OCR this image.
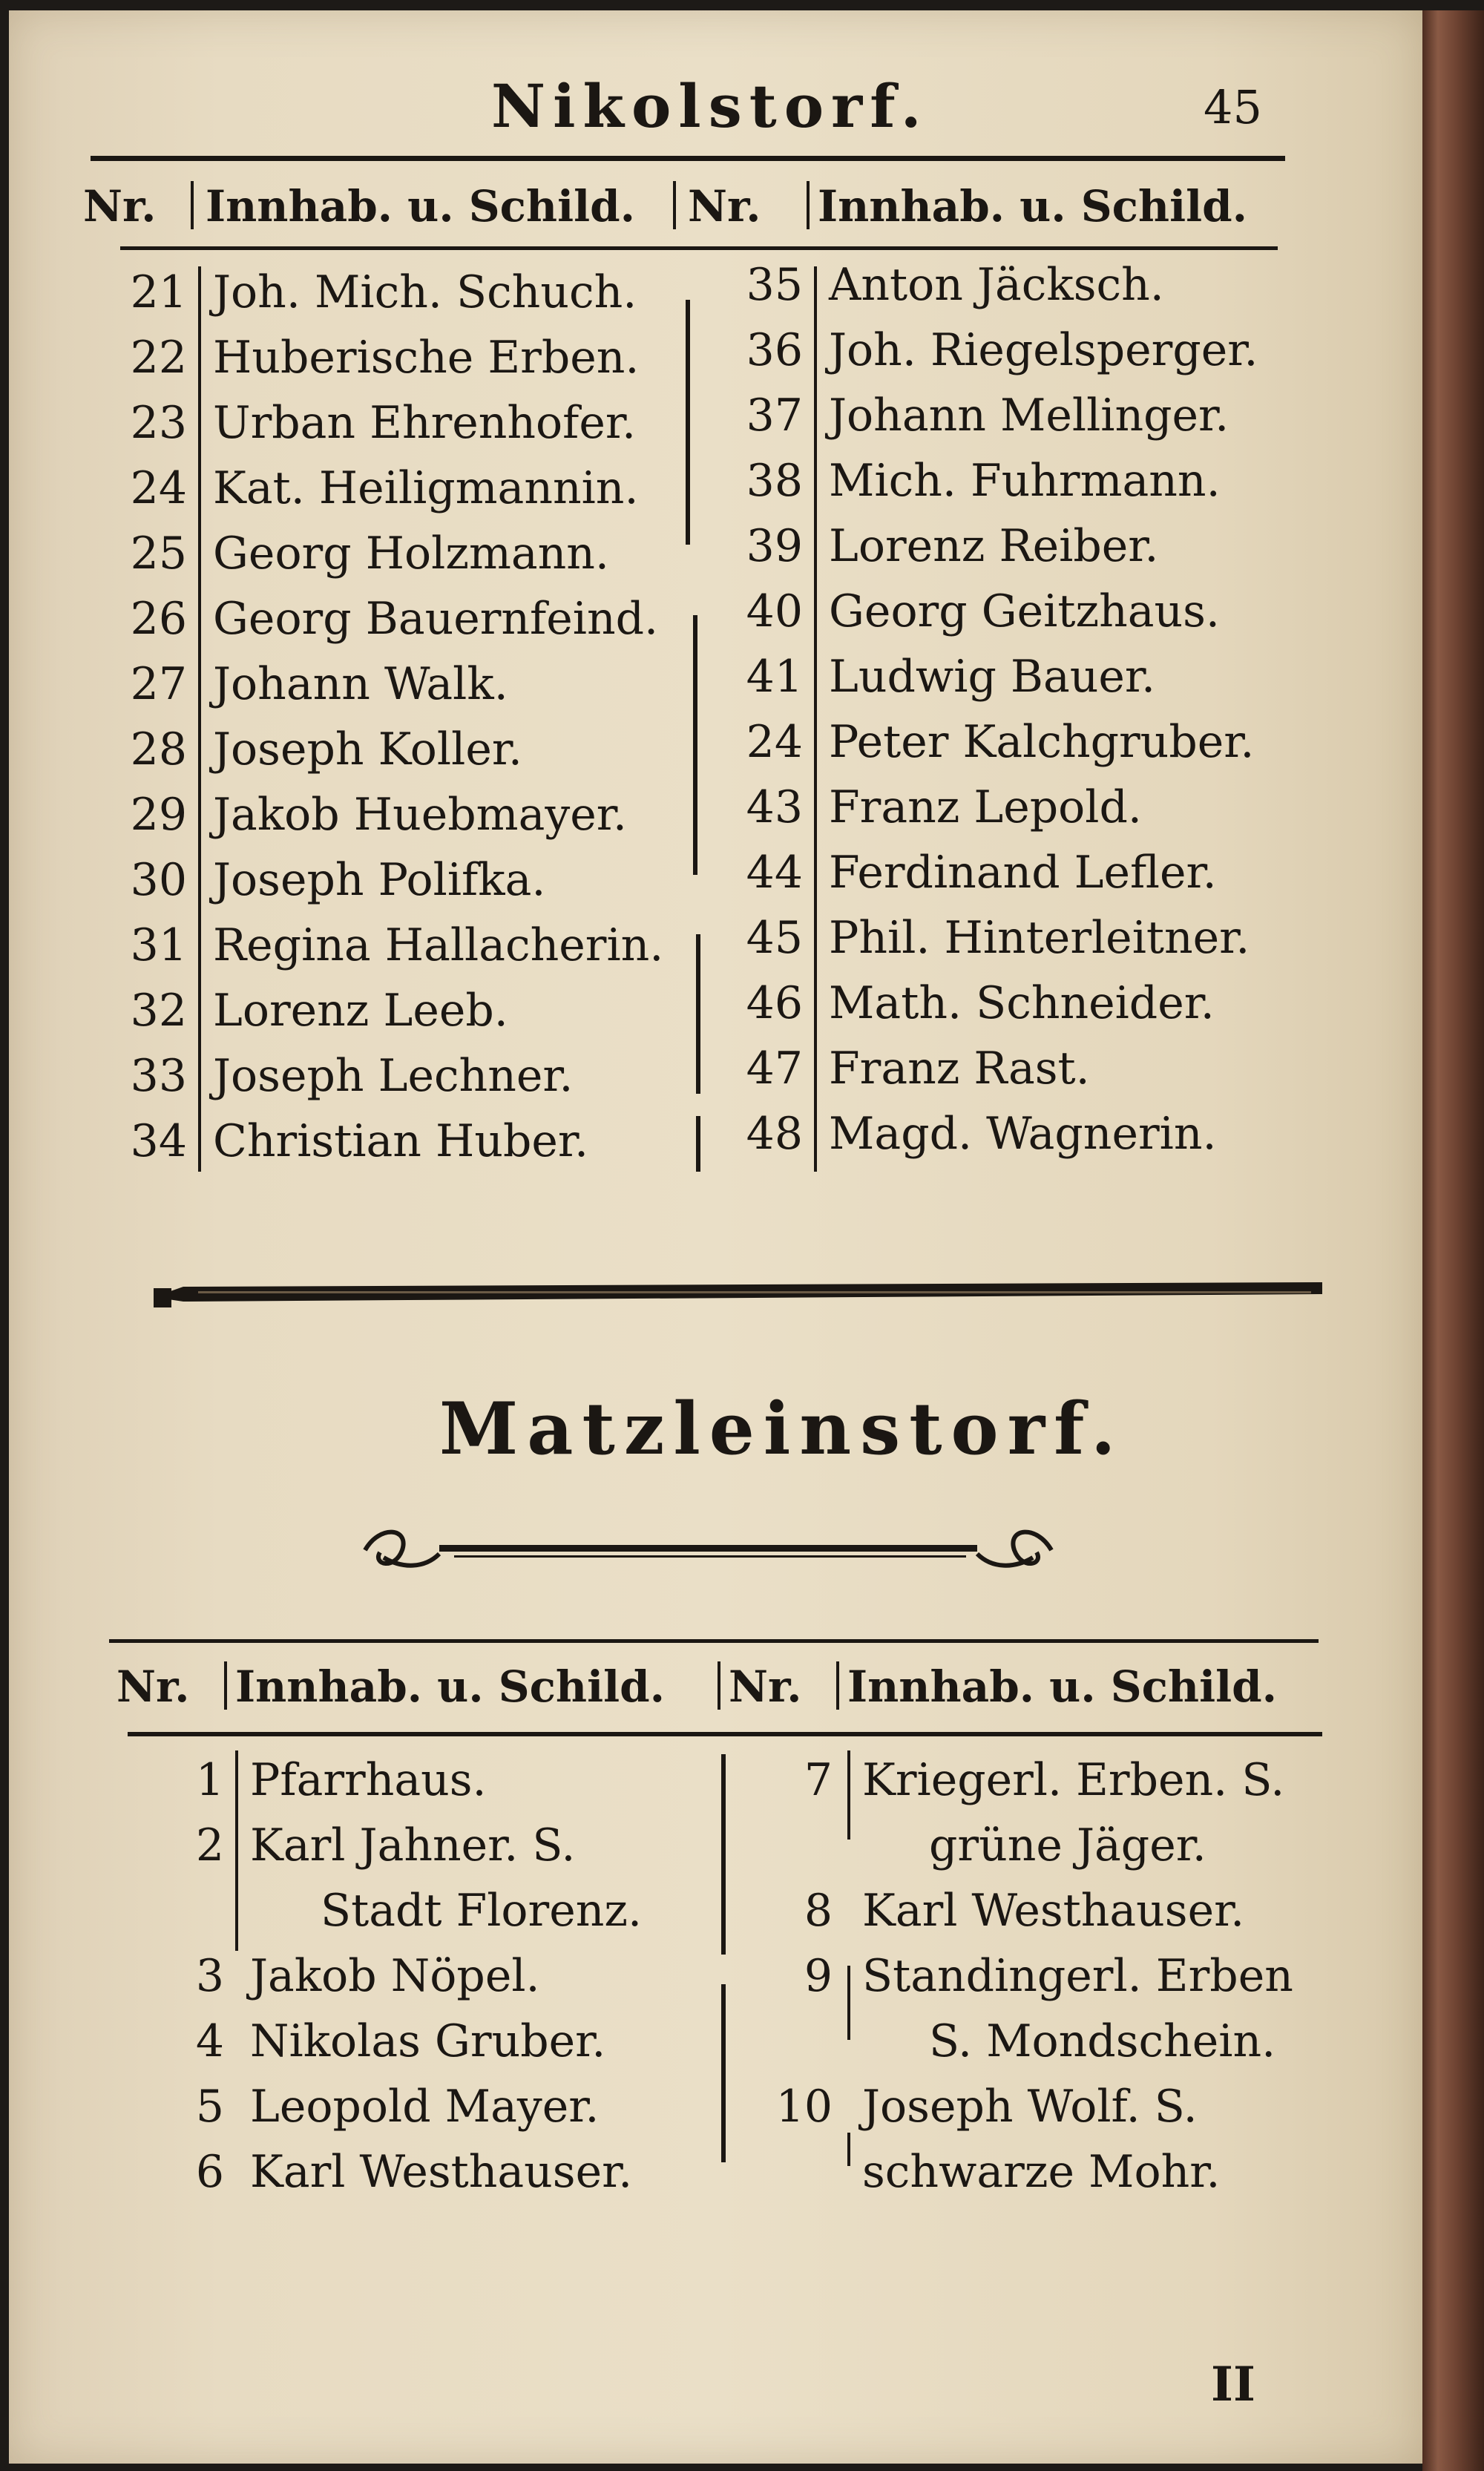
Nikolstorf.	45
Nr. Innhab. u. Schild. Nr. Innhab. u. Schild.
21 Joh. Mich. Schuch.
22 Huberische Erben.
23 Urban Ehrenhofer.
24 Kat. Heiligmannin.
25 Georg Holzmann.
26 Georg Bauernfeind.
27 Johann Walk.
28 Joseph Koller.
29 Jakob Huebmayer.
30 Joseph Polifka.
31 Regina Hallacherin.
32 Lorenz Leeb.
33 Joseph Lechner.
34 Christian Huber.
35 Anton Jäcksch.
36 Joh. Riegelsperger.
37 Johann Mellinger.
38 Mich. Fuhrmann.
39 Lorenz Reiber.
40 Georg Geitzhaus.
41 Ludwig Bauer.
24 Peter Kalchgruber.
43 Franz Lepold.
44 Ferdinand Lefler.
45 Phil. Hinterleitner.
46 Math. Schneider.
47 Franz Rast.
48 Magd. Wagnerin.
Matzleinstorf.
Nr. Innhab. u. Schild. Nr. Innhab. u. Schild.
1 Pfarrhaus.
2 Karl Jahner. S.
Stadt Florenz.
3 Jakob Nöpel.
4 Nikolas Gruber.
5 Leopold Mayer.
6 Karl Westhauser.
7 Kriegerl. Erben. S.
grüne Jäger.
8 Karl Westhauser.
9 Standingerl. Erben
S. Mondschein.
10 Joseph Wolf. S.
schwarze Mohr.
II
